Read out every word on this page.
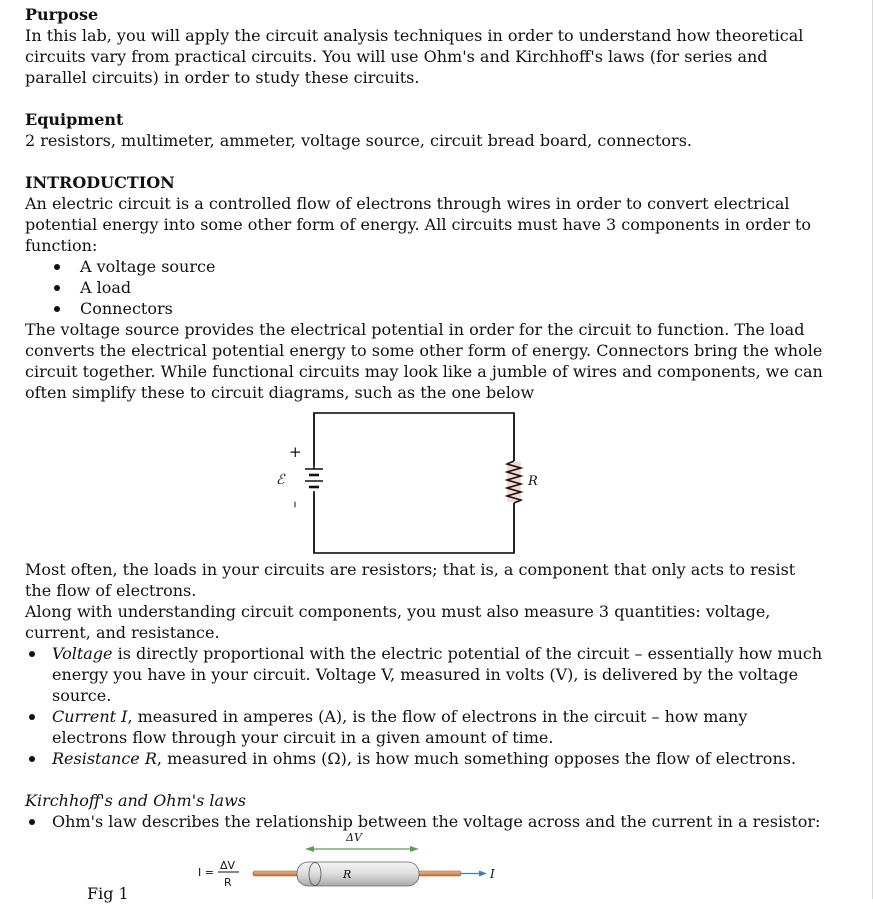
Purpose

In this lab, you will apply the circuit analysis techniques in order to understand how theoretical circuits vary from practical circuits. You will use Ohm's and Kirchhoff's laws (for series and parallel circuits) in order to study these circuits.

Equipment

2 resistors, multimeter, ammeter, voltage source, circuit bread board, connectors.

INTRODUCTION

An electric circuit is a controlled flow of electrons through wires in order to convert electrical potential energy into some other form of energy. All circuits must have 3 components in order to function:

A voltage source
A load
Connectors

The voltage source provides the electrical potential in order for the circuit to function. The load converts the electrical potential energy to some other form of energy. Connectors bring the whole circuit together. While functional circuits may look like a jumble of wires and components, we can often simplify these to circuit diagrams, such as the one below

+
–
ℰ	R

Most often, the loads in your circuits are resistors; that is, a component that only acts to resist the flow of electrons.

Along with understanding circuit components, you must also measure 3 quantities: voltage, current, and resistance.

Voltage is directly proportional with the electric potential of the circuit – essentially how much energy you have in your circuit. Voltage V, measured in volts (V), is delivered by the voltage source.
Current I, measured in amperes (A), is the flow of electrons in the circuit – how many electrons flow through your circuit in a given amount of time.
Resistance R, measured in ohms (Ω), is how much something opposes the flow of electrons.

Kirchhoff's and Ohm's laws

Ohm's law describes the relationship between the voltage across and the current in a resistor:
ΔV
I =
ΔV
R
R	I

Fig 1
